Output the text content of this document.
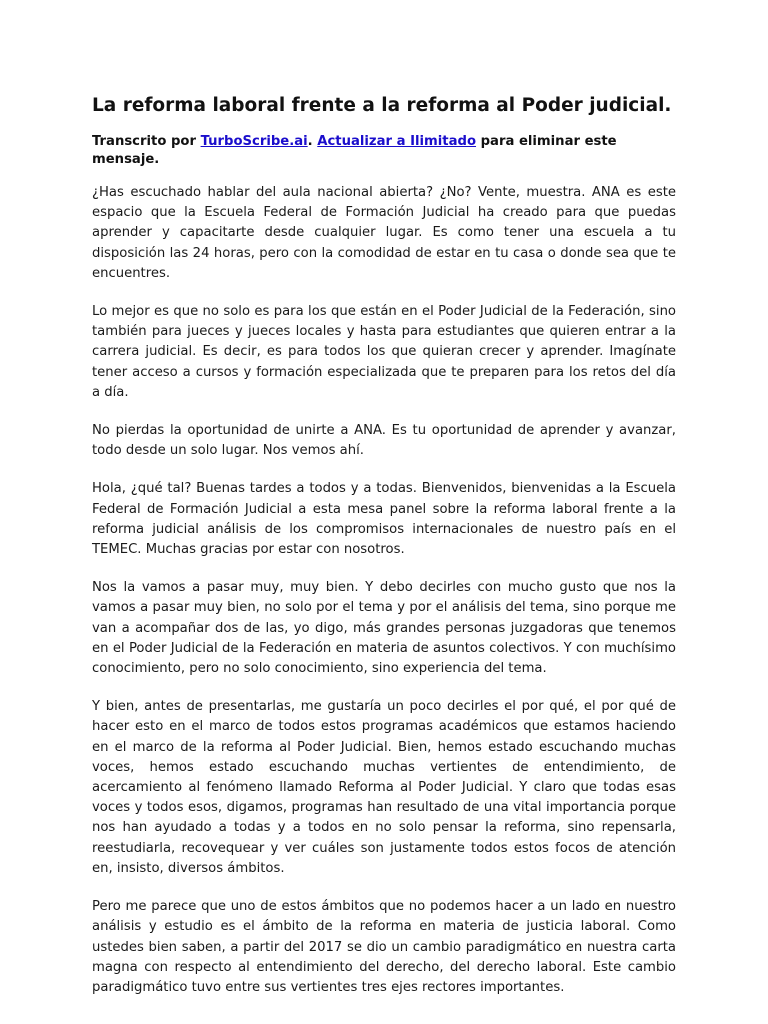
La reforma laboral frente a la reforma al Poder judicial.

Transcrito por TurboScribe.ai. Actualizar a Ilimitado para eliminar este mensaje.

¿Has escuchado hablar del aula nacional abierta? ¿No? Vente, muestra. ANA es este espacio que la Escuela Federal de Formación Judicial ha creado para que puedas aprender y capacitarte desde cualquier lugar. Es como tener una escuela a tu disposición las 24 horas, pero con la comodidad de estar en tu casa o donde sea que te encuentres.

Lo mejor es que no solo es para los que están en el Poder Judicial de la Federación, sino también para jueces y jueces locales y hasta para estudiantes que quieren entrar a la carrera judicial. Es decir, es para todos los que quieran crecer y aprender. Imagínate tener acceso a cursos y formación especializada que te preparen para los retos del día a día.

No pierdas la oportunidad de unirte a ANA. Es tu oportunidad de aprender y avanzar, todo desde un solo lugar. Nos vemos ahí.

Hola, ¿qué tal? Buenas tardes a todos y a todas. Bienvenidos, bienvenidas a la Escuela Federal de Formación Judicial a esta mesa panel sobre la reforma laboral frente a la reforma judicial análisis de los compromisos internacionales de nuestro país en el TEMEC. Muchas gracias por estar con nosotros.

Nos la vamos a pasar muy, muy bien. Y debo decirles con mucho gusto que nos la vamos a pasar muy bien, no solo por el tema y por el análisis del tema, sino porque me van a acompañar dos de las, yo digo, más grandes personas juzgadoras que tenemos en el Poder Judicial de la Federación en materia de asuntos colectivos. Y con muchísimo conocimiento, pero no solo conocimiento, sino experiencia del tema.

Y bien, antes de presentarlas, me gustaría un poco decirles el por qué, el por qué de hacer esto en el marco de todos estos programas académicos que estamos haciendo en el marco de la reforma al Poder Judicial. Bien, hemos estado escuchando muchas voces, hemos estado escuchando muchas vertientes de entendimiento, de acercamiento al fenómeno llamado Reforma al Poder Judicial. Y claro que todas esas voces y todos esos, digamos, programas han resultado de una vital importancia porque nos han ayudado a todas y a todos en no solo pensar la reforma, sino repensarla, reestudiarla, recovequear y ver cuáles son justamente todos estos focos de atención en, insisto, diversos ámbitos.

Pero me parece que uno de estos ámbitos que no podemos hacer a un lado en nuestro análisis y estudio es el ámbito de la reforma en materia de justicia laboral. Como ustedes bien saben, a partir del 2017 se dio un cambio paradigmático en nuestra carta magna con respecto al entendimiento del derecho, del derecho laboral. Este cambio paradigmático tuvo entre sus vertientes tres ejes rectores importantes.
